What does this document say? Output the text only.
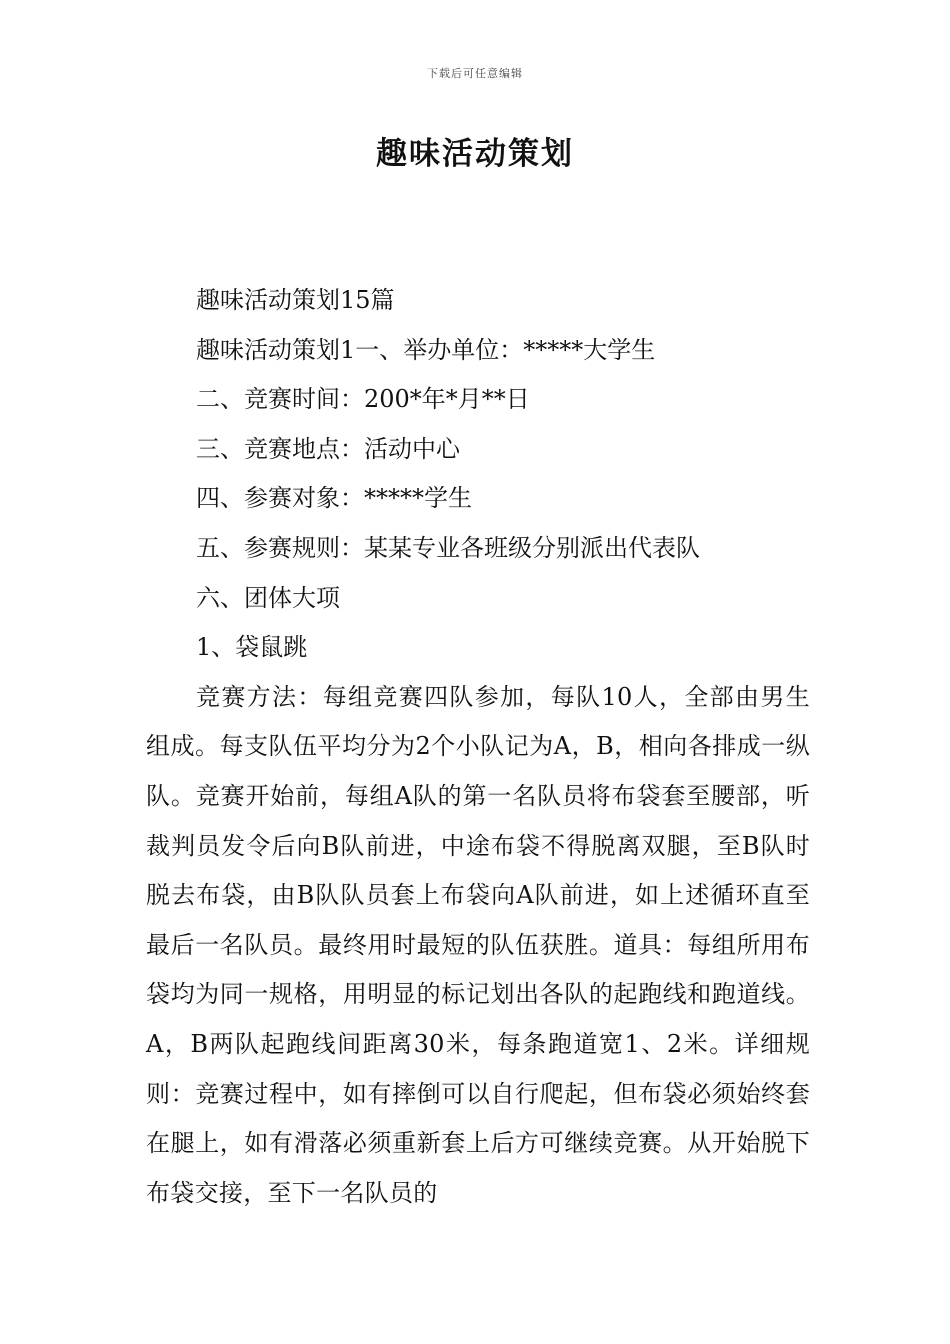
下载后可任意编辑
趣味活动策划

趣味活动策划15篇

趣味活动策划1一、举办单位：*****大学生

二、竞赛时间：200*年*月**日

三、竞赛地点：活动中心

四、参赛对象：*****学生

五、参赛规则：某某专业各班级分别派出代表队

六、团体大项

1、袋鼠跳

竞赛方法：每组竞赛四队参加，每队10人，全部由男生组成。每支队伍平均分为2个小队记为A，B，相向各排成一纵队。竞赛开始前，每组A队的第一名队员将布袋套至腰部，听裁判员发令后向B队前进，中途布袋不得脱离双腿，至B队时脱去布袋，由B队队员套上布袋向A队前进，如上述循环直至最后一名队员。最终用时最短的队伍获胜。道具：每组所用布袋均为同一规格，用明显的标记划出各队的起跑线和跑道线。A，B两队起跑线间距离30米，每条跑道宽1、2米。详细规则：竞赛过程中，如有摔倒可以自行爬起，但布袋必须始终套在腿上，如有滑落必须重新套上后方可继续竞赛。从开始脱下布袋交接，至下一名队员的
